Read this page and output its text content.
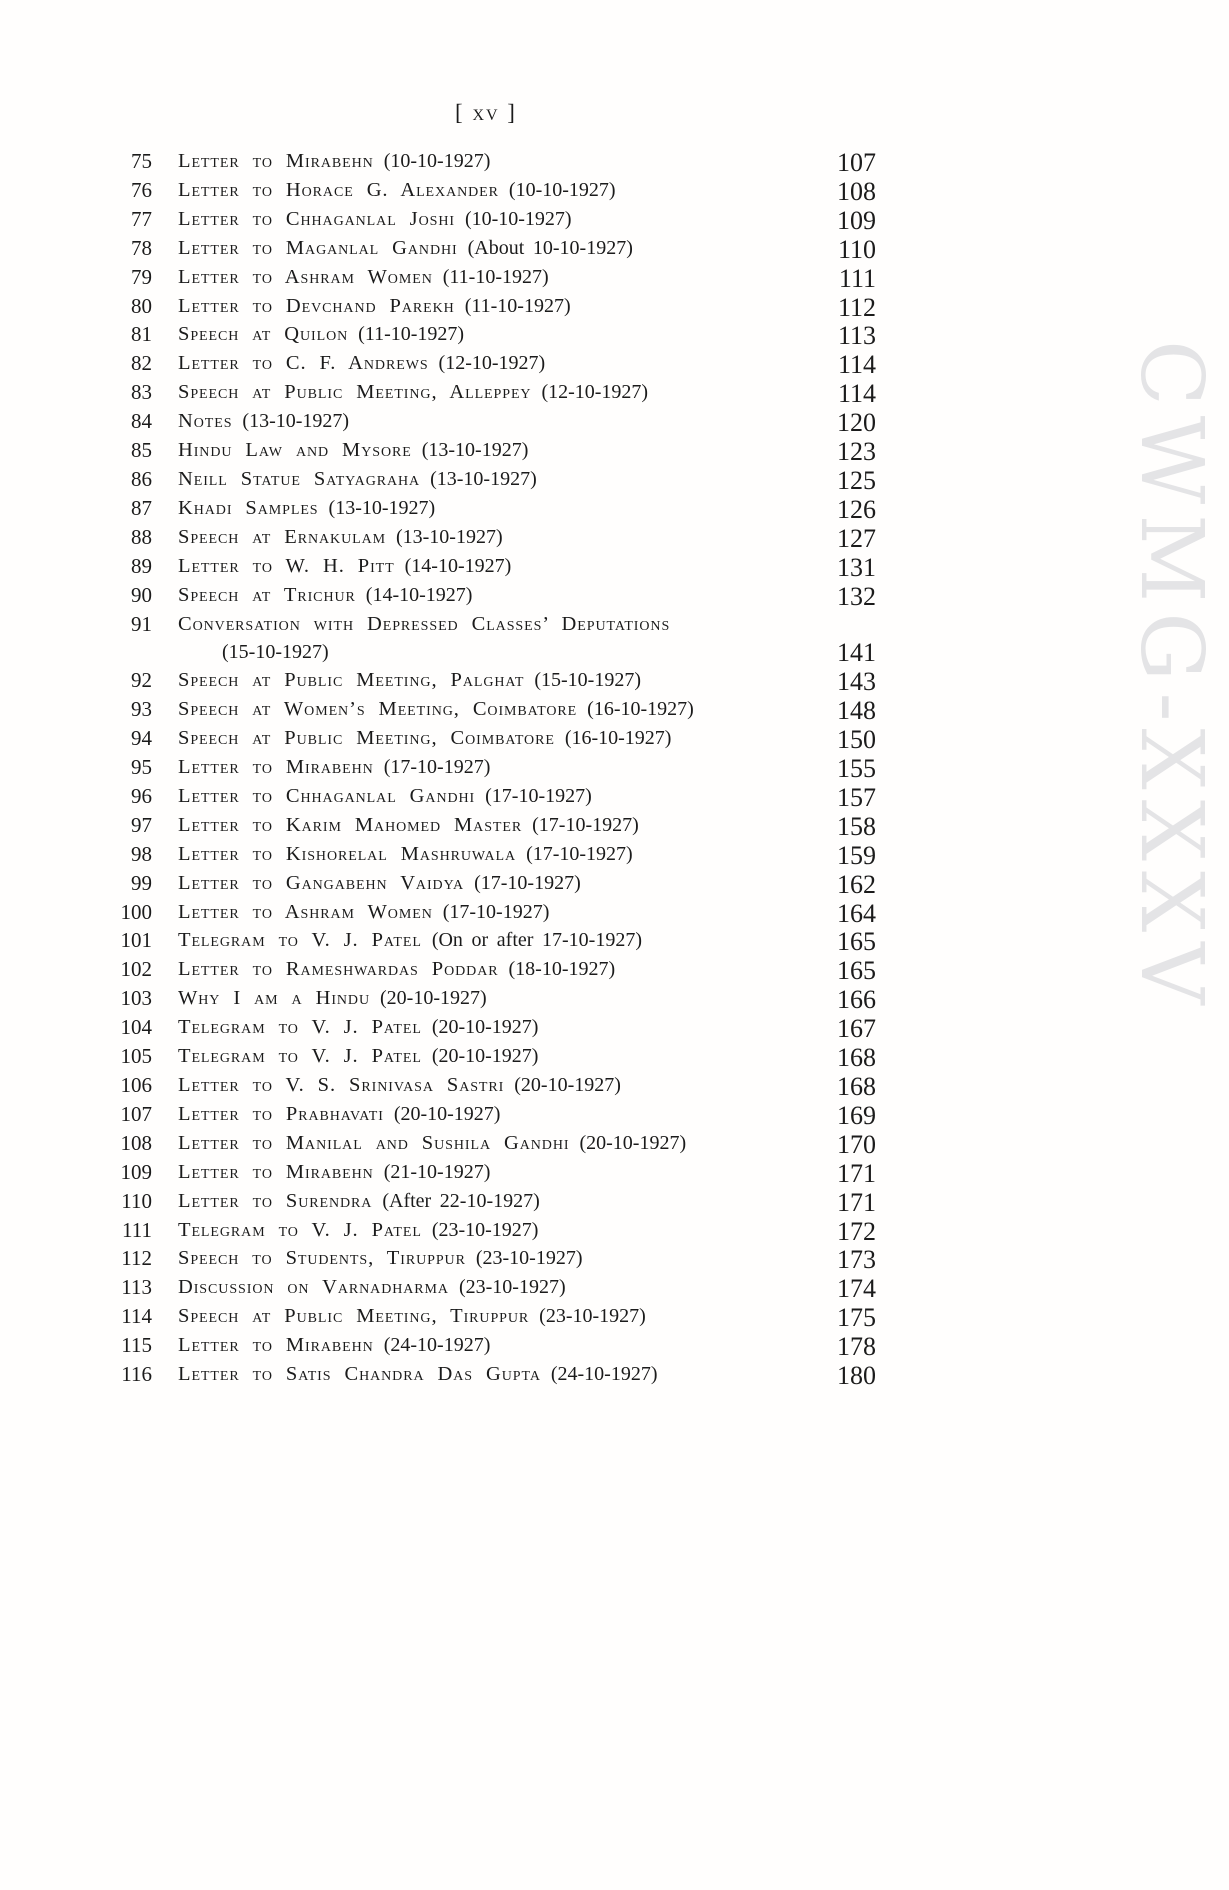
CWMG-XXXV
[ xv ]
75 Letter to Mirabehn (10-10-1927)	107
76 Letter to Horace G. Alexander (10-10-1927)	108
77 Letter to Chhaganlal Joshi (10-10-1927)	109
78 Letter to Maganlal Gandhi (About 10-10-1927)	110
79 Letter to Ashram Women (11-10-1927)	111
80 Letter to Devchand Parekh (11-10-1927)	112
81 Speech at Quilon (11-10-1927)	113
82 Letter to C. F. Andrews (12-10-1927)	114
83 Speech at Public Meeting, Alleppey (12-10-1927)	114
84 Notes (13-10-1927)	120
85 Hindu Law and Mysore (13-10-1927)	123
86 Neill Statue Satyagraha (13-10-1927)	125
87 Khadi Samples (13-10-1927)	126
88 Speech at Ernakulam (13-10-1927)	127
89 Letter to W. H. Pitt (14-10-1927)	131
90 Speech at Trichur (14-10-1927)	132
91 Conversation with Depressed Classes’ Deputations
(15-10-1927)	141
92 Speech at Public Meeting, Palghat (15-10-1927)	143
93 Speech at Women’s Meeting, Coimbatore (16-10-1927)	148
94 Speech at Public Meeting, Coimbatore (16-10-1927)	150
95 Letter to Mirabehn (17-10-1927)	155
96 Letter to Chhaganlal Gandhi (17-10-1927)	157
97 Letter to Karim Mahomed Master (17-10-1927)	158
98 Letter to Kishorelal Mashruwala (17-10-1927)	159
99 Letter to Gangabehn Vaidya (17-10-1927)	162
100 Letter to Ashram Women (17-10-1927)	164
101 Telegram to V. J. Patel (On or after 17-10-1927)	165
102 Letter to Rameshwardas Poddar (18-10-1927)	165
103 Why I am a Hindu (20-10-1927)	166
104 Telegram to V. J. Patel (20-10-1927)	167
105 Telegram to V. J. Patel (20-10-1927)	168
106 Letter to V. S. Srinivasa Sastri (20-10-1927)	168
107 Letter to Prabhavati (20-10-1927)	169
108 Letter to Manilal and Sushila Gandhi (20-10-1927)	170
109 Letter to Mirabehn (21-10-1927)	171
110 Letter to Surendra (After 22-10-1927)	171
111 Telegram to V. J. Patel (23-10-1927)	172
112 Speech to Students, Tiruppur (23-10-1927)	173
113 Discussion on Varnadharma (23-10-1927)	174
114 Speech at Public Meeting, Tiruppur (23-10-1927)	175
115 Letter to Mirabehn (24-10-1927)	178
116 Letter to Satis Chandra Das Gupta (24-10-1927)	180
